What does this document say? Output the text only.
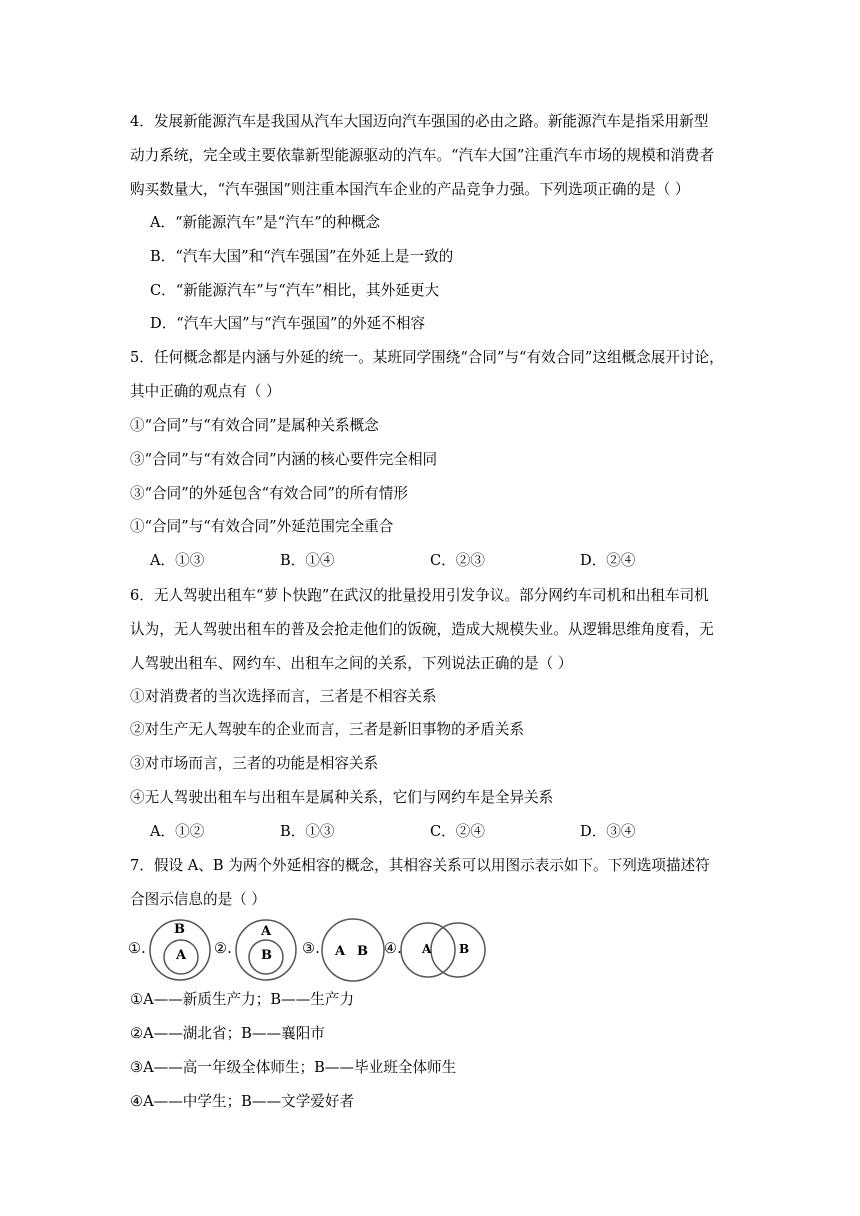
4．发展新能源汽车是我国从汽车大国迈向汽车强国的必由之路。新能源汽车是指采用新型
动力系统，完全或主要依靠新型能源驱动的汽车。“汽车大国”注重汽车市场的规模和消费者
购买数量大，“汽车强国”则注重本国汽车企业的产品竞争力强。下列选项正确的是（ ）
A．“新能源汽车”是“汽车”的种概念
B．“汽车大国”和“汽车强国”在外延上是一致的
C．“新能源汽车”与“汽车”相比，其外延更大
D．“汽车大国”与“汽车强国”的外延不相容
5．任何概念都是内涵与外延的统一。某班同学围绕“合同”与“有效合同”这组概念展开讨论，
其中正确的观点有（ ）
①“合同”与“有效合同”是属种关系概念
③“合同”与“有效合同”内涵的核心要件完全相同
③“合同”的外延包含“有效合同”的所有情形
①“合同”与“有效合同”外延范围完全重合
A．①③	B．①④	C．②③	D．②④
6．无人驾驶出租车“萝卜快跑”在武汉的批量投用引发争议。部分网约车司机和出租车司机
认为，无人驾驶出租车的普及会抢走他们的饭碗，造成大规模失业。从逻辑思维角度看，无
人驾驶出租车、网约车、出租车之间的关系，下列说法正确的是（ ）
①对消费者的当次选择而言，三者是不相容关系
②对生产无人驾驶车的企业而言，三者是新旧事物的矛盾关系
③对市场而言，三者的功能是相容关系
④无人驾驶出租车与出租车是属种关系，它们与网约车是全异关系
A．①②	B．①③	C．②④	D．③④
7．假设 A、B 为两个外延相容的概念，其相容关系可以用图示表示如下。下列选项描述符
合图示信息的是（ ）
①.
B
A ②.
A
B ③. A B ④. A B
①A——新质生产力；B——生产力
②A——湖北省；B——襄阳市
③A——高一年级全体师生；B——毕业班全体师生
④A——中学生；B——文学爱好者
